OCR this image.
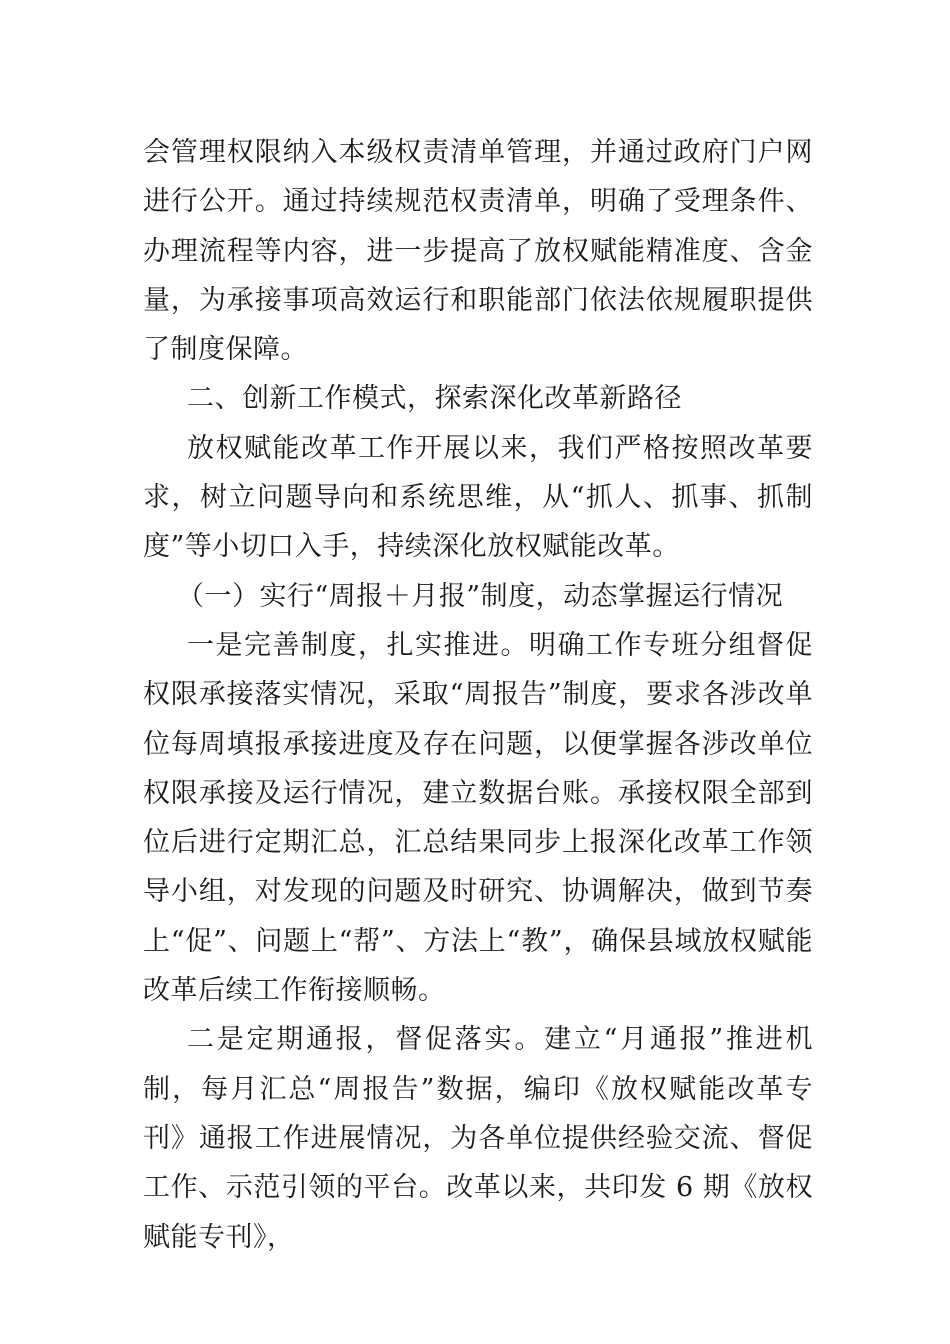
会管理权限纳入本级权责清单管理，并通过政府门户网进行公开。通过持续规范权责清单，明确了受理条件、办理流程等内容，进一步提高了放权赋能精准度、含金量，为承接事项高效运行和职能部门依法依规履职提供了制度保障。

二、创新工作模式，探索深化改革新路径

放权赋能改革工作开展以来，我们严格按照改革要求，树立问题导向和系统思维，从“抓人、抓事、抓制度”等小切口入手，持续深化放权赋能改革。

（一）实行“周报＋月报”制度，动态掌握运行情况

一是完善制度，扎实推进。明确工作专班分组督促权限承接落实情况，采取“周报告”制度，要求各涉改单位每周填报承接进度及存在问题，以便掌握各涉改单位权限承接及运行情况，建立数据台账。承接权限全部到位后进行定期汇总，汇总结果同步上报深化改革工作领导小组，对发现的问题及时研究、协调解决，做到节奏上“促”、问题上“帮”、方法上“教”，确保县域放权赋能改革后续工作衔接顺畅。

二是定期通报，督促落实。建立“月通报”推进机制，每月汇总“周报告”数据，编印《放权赋能改革专刊》通报工作进展情况，为各单位提供经验交流、督促工作、示范引领的平台。改革以来，共印发 6 期《放权赋能专刊》，
